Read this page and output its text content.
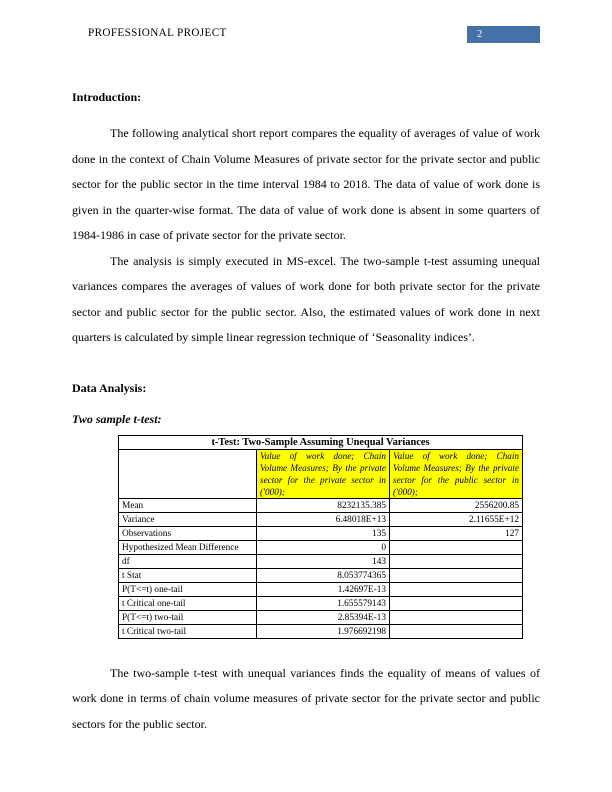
PROFESSIONAL PROJECT	2
Introduction:

The following analytical short report compares the equality of averages of value of work done in the context of Chain Volume Measures of private sector for the private sector and public sector for the public sector in the time interval 1984 to 2018. The data of value of work done is given in the quarter-wise format. The data of value of work done is absent in some quarters of 1984-1986 in case of private sector for the private sector.

The analysis is simply executed in MS-excel. The two-sample t-test assuming unequal variances compares the averages of values of work done for both private sector for the private sector and public sector for the public sector. Also, the estimated values of work done in next quarters is calculated by simple linear regression technique of ‘Seasonality indices’.

Data Analysis:
Two sample t-test:
t-Test: Two-Sample Assuming Unequal Variances		
	Value of work done; Chain Volume Measures; By the private sector for the private sector in ('000);	Value of work done; Chain Volume Measures; By the private sector for the public sector in ('000);
Mean	8232135.385	2556200.85
Variance	6.48018E+13	2.11655E+12
Observations	135	127
Hypothesized Mean Difference	0	
df	143	
t Stat	8.053774365	
P(T<=t) one-tail	1.42697E-13	
t Critical one-tail	1.655579143	
P(T<=t) two-tail	2.85394E-13	
t Critical two-tail	1.976692198	

The two-sample t-test with unequal variances finds the equality of means of values of work done in terms of chain volume measures of private sector for the private sector and public sectors for the public sector.
